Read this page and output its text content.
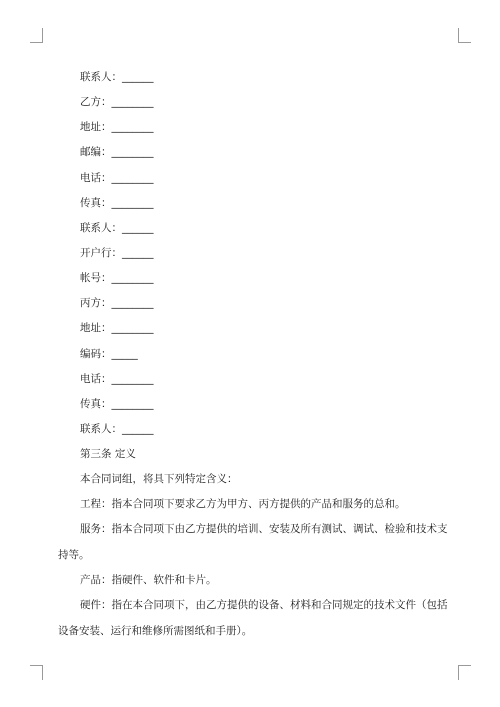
联系人：______
乙方：________
地址：________
邮编：________
电话：________
传真：________
联系人：______
开户行：______
帐号：________
丙方：________
地址：________
编码：_____
电话：________
传真：________
联系人：______
第三条 定义
本合同词组，将具下列特定含义：
工程：指本合同项下要求乙方为甲方、丙方提供的产品和服务的总和。
服务：指本合同项下由乙方提供的培训、安装及所有测试、调试、检验和技术支
持等。
产品：指硬件、软件和卡片。
硬件：指在本合同项下，由乙方提供的设备、材料和合同规定的技术文件（包括
设备安装、运行和维修所需图纸和手册）。
